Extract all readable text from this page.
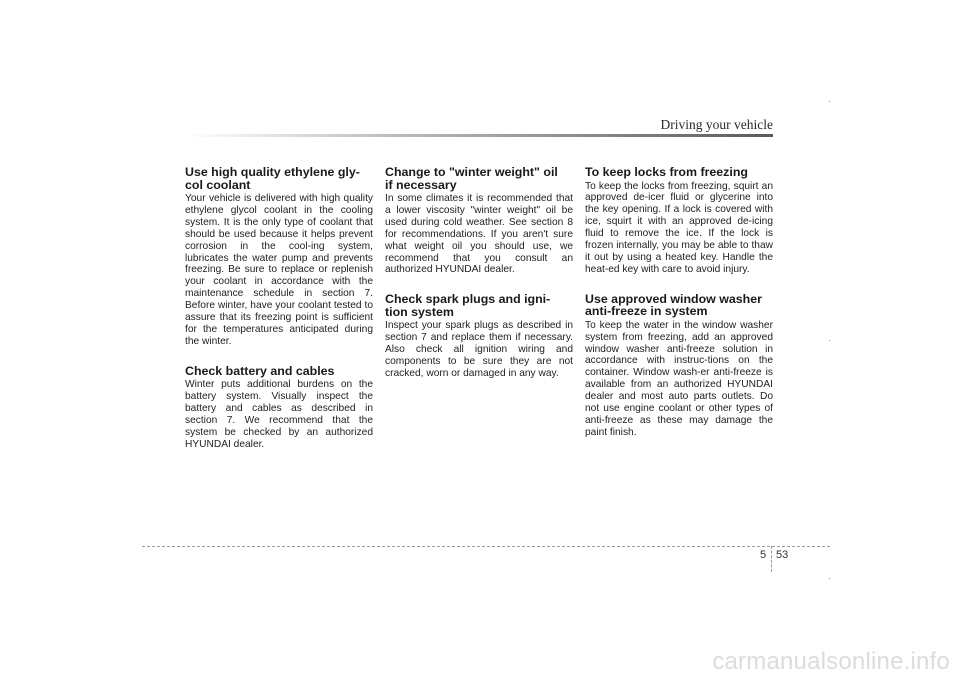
Driving your vehicle
Use high quality ethylene gly-
col coolant

Your vehicle is delivered with high quality ethylene glycol coolant in the cooling system. It is the only type of coolant that should be used because it helps prevent corrosion in the cool-ing system, lubricates the water pump and prevents freezing. Be sure to replace or replenish your coolant in accordance with the maintenance schedule in section 7. Before winter, have your coolant tested to assure that its freezing point is sufficient for the temperatures anticipated during the winter.

Check battery and cables

Winter puts additional burdens on the battery system. Visually inspect the battery and cables as described in section 7. We recommend that the system be checked by an authorized HYUNDAI dealer.

Change to "winter weight" oil
if necessary

In some climates it is recommended that a lower viscosity "winter weight" oil be used during cold weather. See section 8 for recommendations. If you aren't sure what weight oil you should use, we recommend that you consult an authorized HYUNDAI dealer.

Check spark plugs and igni-
tion system

Inspect your spark plugs as described in section 7 and replace them if necessary. Also check all ignition wiring and components to be sure they are not cracked, worn or damaged in any way.

To keep locks from freezing

To keep the locks from freezing, squirt an approved de-icer fluid or glycerine into the key opening. If a lock is covered with ice, squirt it with an approved de-icing fluid to remove the ice. If the lock is frozen internally, you may be able to thaw it out by using a heated key. Handle the heat-ed key with care to avoid injury.

Use approved window washer
anti-freeze in system

To keep the water in the window washer system from freezing, add an approved window washer anti-freeze solution in accordance with instruc-tions on the container. Window wash-er anti-freeze is available from an authorized HYUNDAI dealer and most auto parts outlets. Do not use engine coolant or other types of anti-freeze as these may damage the paint finish.

5 53
carmanualsonline.info
